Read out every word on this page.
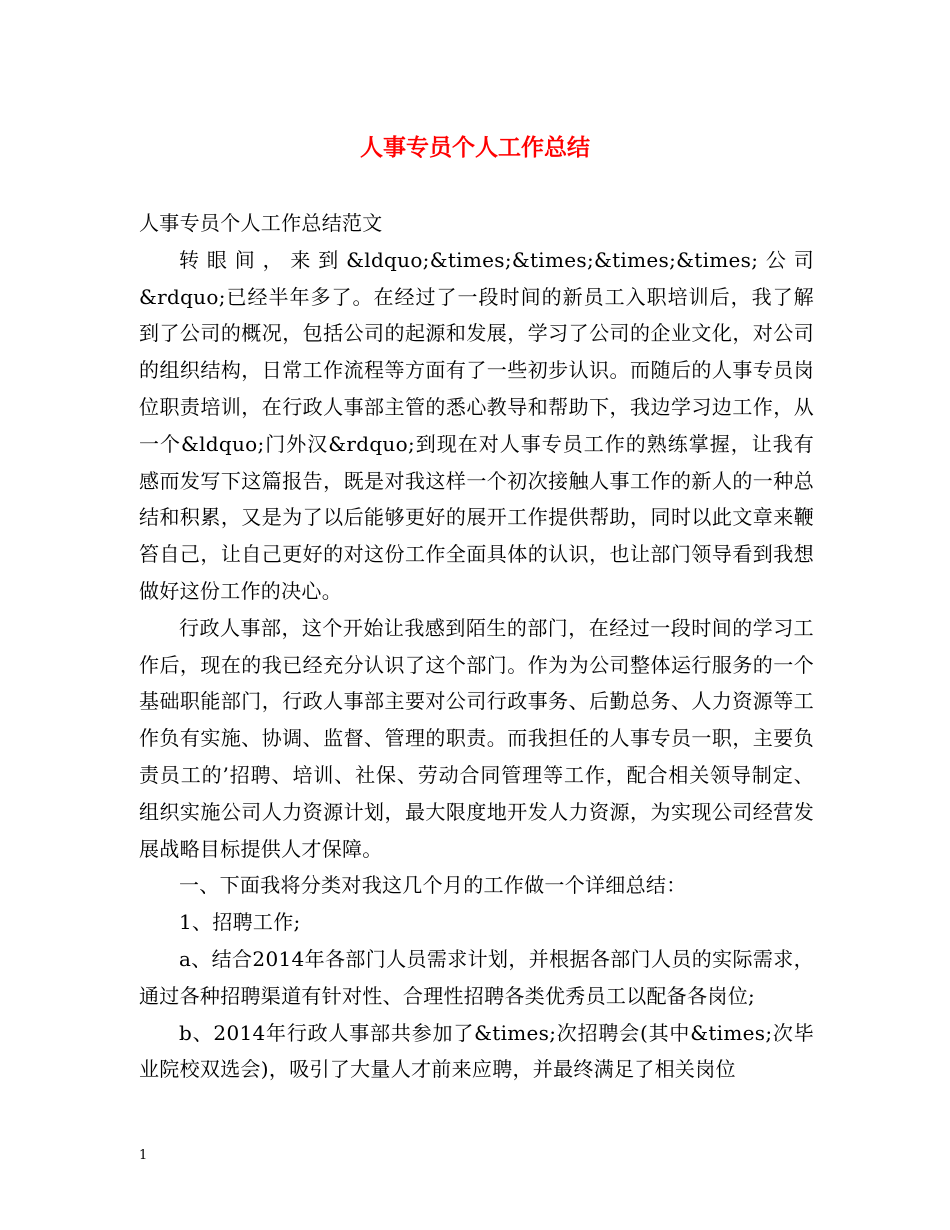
人事专员个人工作总结

人事专员个人工作总结范文

转眼间，来到&ldquo;&times;&times;&times;&times;公司&rdquo;已经半年多了。在经过了一段时间的新员工入职培训后，我了解到了公司的概况，包括公司的起源和发展，学习了公司的企业文化，对公司的组织结构，日常工作流程等方面有了一些初步认识。而随后的人事专员岗位职责培训，在行政人事部主管的悉心教导和帮助下，我边学习边工作，从一个&ldquo;门外汉&rdquo;到现在对人事专员工作的熟练掌握，让我有感而发写下这篇报告，既是对我这样一个初次接触人事工作的新人的一种总结和积累，又是为了以后能够更好的展开工作提供帮助，同时以此文章来鞭笞自己，让自己更好的对这份工作全面具体的认识，也让部门领导看到我想做好这份工作的决心。

行政人事部，这个开始让我感到陌生的部门，在经过一段时间的学习工作后，现在的我已经充分认识了这个部门。作为为公司整体运行服务的一个基础职能部门，行政人事部主要对公司行政事务、后勤总务、人力资源等工作负有实施、协调、监督、管理的职责。而我担任的人事专员一职，主要负责员工的’招聘、培训、社保、劳动合同管理等工作，配合相关领导制定、组织实施公司人力资源计划，最大限度地开发人力资源，为实现公司经营发展战略目标提供人才保障。

一、下面我将分类对我这几个月的工作做一个详细总结：

1、招聘工作;

a、结合2014年各部门人员需求计划，并根据各部门人员的实际需求，通过各种招聘渠道有针对性、合理性招聘各类优秀员工以配备各岗位;

b、2014年行政人事部共参加了&times;次招聘会(其中&times;次毕业院校双选会)，吸引了大量人才前来应聘，并最终满足了相关岗位

1
